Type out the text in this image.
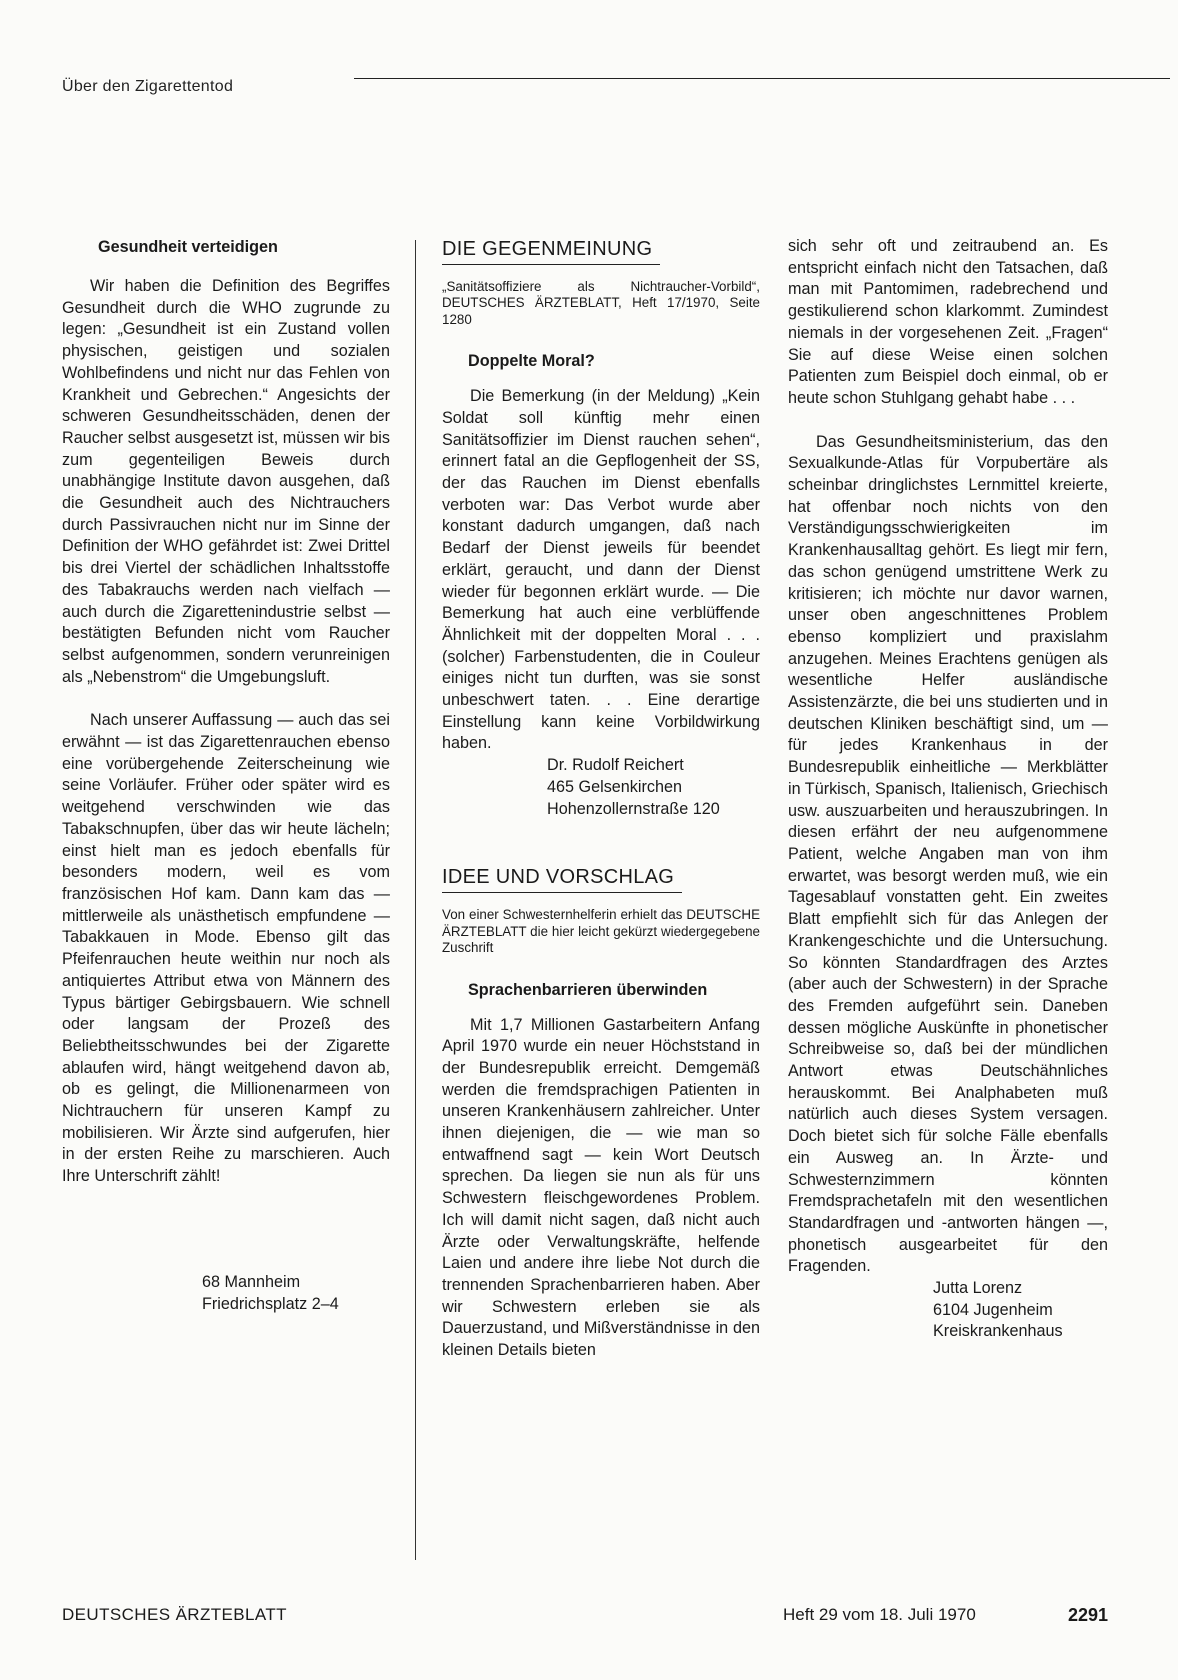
Über den Zigarettentod
Gesundheit verteidigen

Wir haben die Definition des Begriffes Gesundheit durch die WHO zugrunde zu legen: „Gesundheit ist ein Zustand vollen physischen, geistigen und sozialen Wohlbefindens und nicht nur das Fehlen von Krankheit und Gebrechen.“ Angesichts der schweren Gesundheitsschäden, denen der Raucher selbst ausgesetzt ist, müssen wir bis zum gegenteiligen Beweis durch unabhängige Institute davon ausgehen, daß die Gesundheit auch des Nichtrauchers durch Passivrauchen nicht nur im Sinne der Definition der WHO gefährdet ist: Zwei Drittel bis drei Viertel der schädlichen Inhaltsstoffe des Tabakrauchs werden nach vielfach — auch durch die Zigarettenindustrie selbst — bestätigten Befunden nicht vom Raucher selbst aufgenommen, sondern verunreinigen als „Nebenstrom“ die Umgebungsluft.

Nach unserer Auffassung — auch das sei erwähnt — ist das Zigarettenrauchen ebenso eine vorübergehende Zeiterscheinung wie seine Vorläufer. Früher oder später wird es weitgehend verschwinden wie das Tabakschnupfen, über das wir heute lächeln; einst hielt man es jedoch ebenfalls für besonders modern, weil es vom französischen Hof kam. Dann kam das — mittlerweile als unästhetisch empfundene — Tabakkauen in Mode. Ebenso gilt das Pfeifenrauchen heute weithin nur noch als antiquiertes Attribut etwa von Männern des Typus bärtiger Gebirgsbauern. Wie schnell oder langsam der Prozeß des Beliebtheitsschwundes bei der Zigarette ablaufen wird, hängt weitgehend davon ab, ob es gelingt, die Millionenarmeen von Nichtrauchern für unseren Kampf zu mobilisieren. Wir Ärzte sind aufgerufen, hier in der ersten Reihe zu marschieren. Auch Ihre Unterschrift zählt!

68 Mannheim
Friedrichsplatz 2–4
DIE GEGENMEINUNG

„Sanitätsoffiziere als Nichtraucher-Vorbild“, DEUTSCHES ÄRZTEBLATT, Heft 17/1970, Seite 1280

Doppelte Moral?

Die Bemerkung (in der Meldung) „Kein Soldat soll künftig mehr einen Sanitätsoffizier im Dienst rauchen sehen“, erinnert fatal an die Gepflogenheit der SS, der das Rauchen im Dienst ebenfalls verboten war: Das Verbot wurde aber konstant dadurch umgangen, daß nach Bedarf der Dienst jeweils für beendet erklärt, geraucht, und dann der Dienst wieder für begonnen erklärt wurde. — Die Bemerkung hat auch eine verblüffende Ähnlichkeit mit der doppelten Moral . . . (solcher) Farbenstudenten, die in Couleur einiges nicht tun durften, was sie sonst unbeschwert taten. . . Eine derartige Einstellung kann keine Vorbildwirkung haben.

Dr. Rudolf Reichert
465 Gelsenkirchen
Hohenzollernstraße 120
IDEE UND VORSCHLAG

Von einer Schwesternhelferin erhielt das DEUTSCHE ÄRZTEBLATT die hier leicht gekürzt wiedergegebene Zuschrift

Sprachenbarrieren überwinden

Mit 1,7 Millionen Gastarbeitern Anfang April 1970 wurde ein neuer Höchststand in der Bundesrepublik erreicht. Demgemäß werden die fremdsprachigen Patienten in unseren Krankenhäusern zahlreicher. Unter ihnen diejenigen, die — wie man so entwaffnend sagt — kein Wort Deutsch sprechen. Da liegen sie nun als für uns Schwestern fleischgewordenes Problem. Ich will damit nicht sagen, daß nicht auch Ärzte oder Verwaltungskräfte, helfende Laien und andere ihre liebe Not durch die trennenden Sprachenbarrieren haben. Aber wir Schwestern erleben sie als Dauerzustand, und Mißverständnisse in den kleinen Details bieten

sich sehr oft und zeitraubend an. Es entspricht einfach nicht den Tatsachen, daß man mit Pantomimen, radebrechend und gestikulierend schon klarkommt. Zumindest niemals in der vorgesehenen Zeit. „Fragen“ Sie auf diese Weise einen solchen Patienten zum Beispiel doch einmal, ob er heute schon Stuhlgang gehabt habe . . .

Das Gesundheitsministerium, das den Sexualkunde-Atlas für Vorpubertäre als scheinbar dringlichstes Lernmittel kreierte, hat offenbar noch nichts von den Verständigungsschwierigkeiten im Krankenhausalltag gehört. Es liegt mir fern, das schon genügend umstrittene Werk zu kritisieren; ich möchte nur davor warnen, unser oben angeschnittenes Problem ebenso kompliziert und praxislahm anzugehen. Meines Erachtens genügen als wesentliche Helfer ausländische Assistenzärzte, die bei uns studierten und in deutschen Kliniken beschäftigt sind, um — für jedes Krankenhaus in der Bundesrepublik einheitliche — Merkblätter in Türkisch, Spanisch, Italienisch, Griechisch usw. auszuarbeiten und herauszubringen. In diesen erfährt der neu aufgenommene Patient, welche Angaben man von ihm erwartet, was besorgt werden muß, wie ein Tagesablauf vonstatten geht. Ein zweites Blatt empfiehlt sich für das Anlegen der Krankengeschichte und die Untersuchung. So könnten Standardfragen des Arztes (aber auch der Schwestern) in der Sprache des Fremden aufgeführt sein. Daneben dessen mögliche Auskünfte in phonetischer Schreibweise so, daß bei der mündlichen Antwort etwas Deutschähnliches herauskommt. Bei Analphabeten muß natürlich auch dieses System versagen. Doch bietet sich für solche Fälle ebenfalls ein Ausweg an. In Ärzte- und Schwesternzimmern könnten Fremdsprachetafeln mit den wesentlichen Standardfragen und -antworten hängen —, phonetisch ausgearbeitet für den Fragenden.

Jutta Lorenz
6104 Jugenheim
Kreiskrankenhaus
DEUTSCHES ÄRZTEBLATT	Heft 29 vom 18. Juli 1970	2291
